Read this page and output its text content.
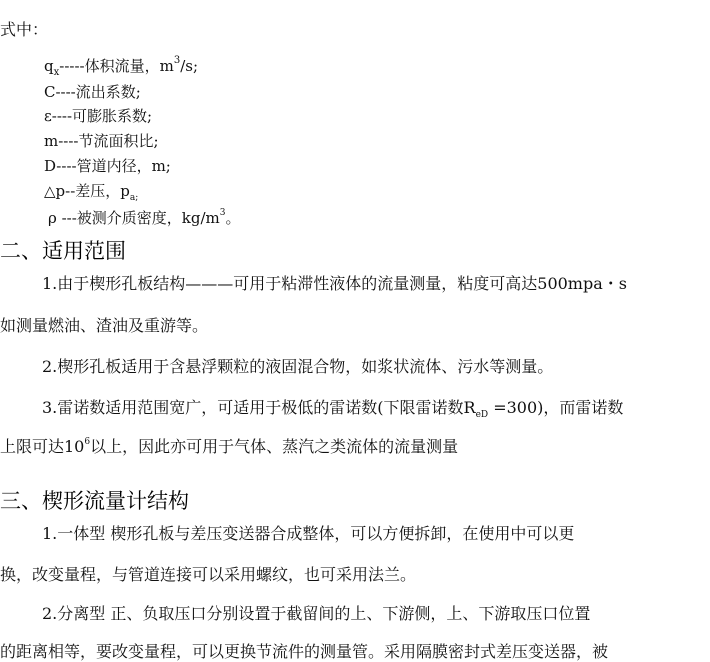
式中：
$q_x-----$体积流量，$m^3/s$;
C----流出系数;
ε----可膨胀系数;
m----节流面积比;
D----管道内径，m;
△p--差压，$p_{a;}$
ρ ---被测介质密度，$kg/m^3$。
二、适用范围
1.由于楔形孔板结构———可用于粘滞性液体的流量测量，粘度可高达500mpa・s
如测量燃油、渣油及重游等。
2.楔形孔板适用于含悬浮颗粒的液固混合物，如浆状流体、污水等测量。
3.雷诺数适用范围宽广，可适用于极低的雷诺数(下限雷诺数$R_{eD} =300$)，而雷诺数
上限可达$10^6$以上，因此亦可用于气体、蒸汽之类流体的流量测量
三、楔形流量计结构
1.一体型 楔形孔板与差压变送器合成整体，可以方便拆卸，在使用中可以更
换，改变量程，与管道连接可以采用螺纹，也可采用法兰。
2.分离型 正、负取压口分别设置于截留间的上、下游侧，上、下游取压口位置
的距离相等，要改变量程，可以更换节流件的测量管。采用隔膜密封式差压变送器，被
